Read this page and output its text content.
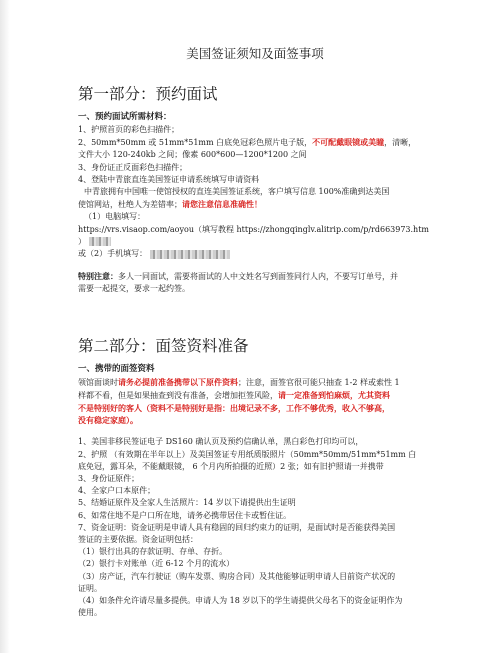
美国签证须知及面签事项
第一部分：预约面试
一、预约面试所需材料：

1、护照首页的彩色扫描件；

2、50mm*50mm 或 51mm*51mm 白底免冠彩色照片电子版，不可配戴眼镜或美瞳，清晰，

文件大小 120-240kb 之间；像素 600*600—1200*1200 之间

3、身份证正反面彩色扫描件；

4、登陆中青旅直连美国签证申请系统填写申请资料

中青旅拥有中国唯一使馆授权的直连美国签证系统，客户填写信息 100%准确到达美国

使馆网站，杜绝人为差错率；请您注意信息准确性！

（1）电脑填写：

https://vrs.visaop.com/aoyou（填写教程 https://zhongqinglv.alitrip.com/p/rd663973.htm ）

或（2）手机填写：

特别注意：多人一同面试，需要将面试的人中文姓名写到面签同行人内，不要写订单号，并

需要一起提交，要求一起约签。

第二部分：面签资料准备
一、携带的面签资料

领馆面谈时请务必提前准备携带以下原件资料；注意，面签官很可能只抽查 1-2 样或索性 1

样都不看，但是如果抽查到没有准备，会增加拒签风险，请一定准备到怕麻烦，尤其资料

不是特别好的客人（资料不是特别好是指：出境记录不多，工作不够优秀，收入不够高，

没有稳定家庭）。

1、美国非移民签证电子 DS160 确认页及预约信确认单，黑白彩色打印均可以，

2、护照 （有效期在半年以上）及美国签证专用纸质版照片（50mm*50mm/51mm*51mm 白

底免冠，露耳朵，不能戴眼镜， 6 个月内所拍摄的近照）2 张；如有旧护照请一并携带

3、身份证原件；

4、全家户口本原件；

5、结婚证原件及全家人生活照片：14 岁以下请提供出生证明

6、如常住地不是户口所在地，请务必携带居住卡或暂住证。

7、资金证明：资金证明是申请人具有稳固的回归约束力的证明，是面试时是否能获得美国

签证的主要依据。资金证明包括：

（1）银行出具的存款证明、存单、存折。

（2）银行卡对账单（近 6-12 个月的流水）

（3）房产证，汽车行驶证（购车发票、购房合同）及其他能够证明申请人目前资产状况的

证明。

（4）如条件允许请尽量多提供。申请人为 18 岁以下的学生请提供父母名下的资金证明作为

使用。
